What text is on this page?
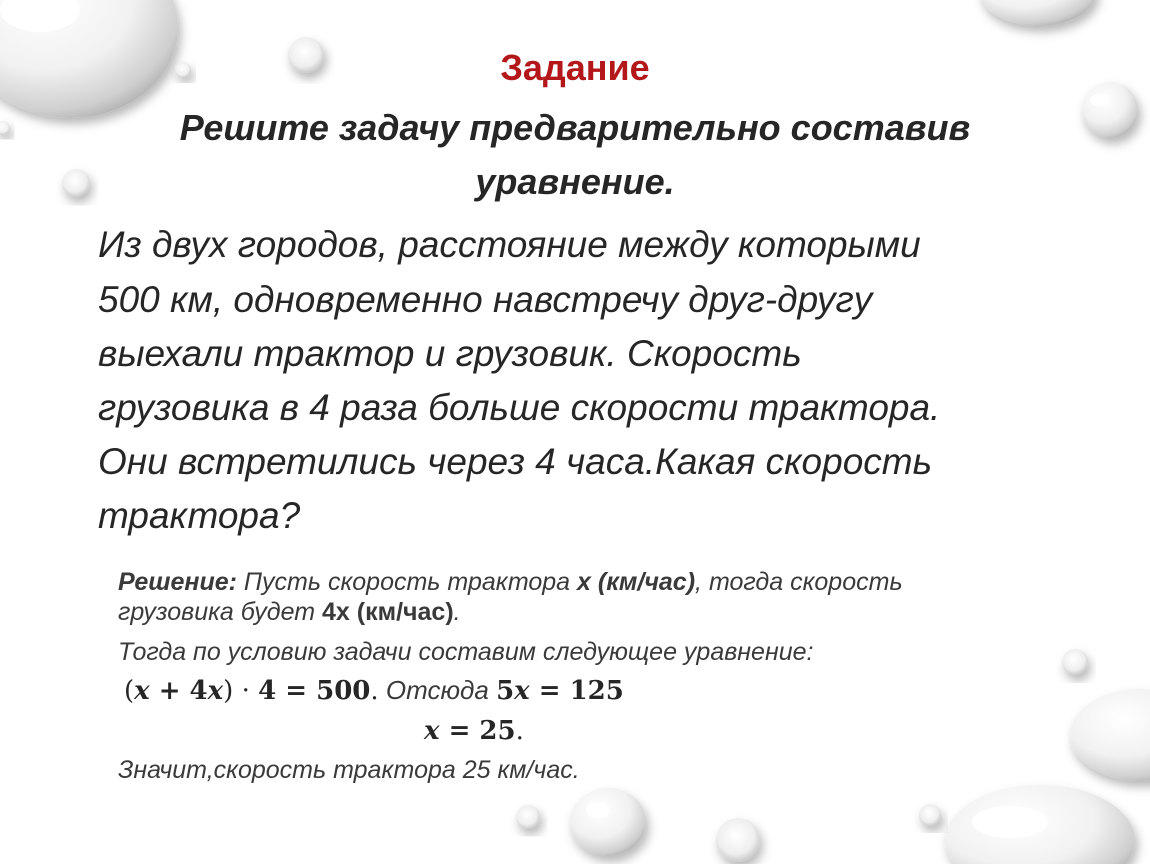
Задание
Решите задачу предварительно составив
уравнение.
Из двух городов, расстояние между которыми
500 км, одновременно навстречу друг-другу
выехали трактор и грузовик. Скорость
грузовика в 4 раза больше скорости трактора.
Они встретились через 4 часа.Какая скорость
трактора?
Решение: Пусть скорость трактора х (км/час), тогда скорость
грузовика будет 4х (км/час).
Тогда по условию задачи составим следующее уравнение:
(x + 4x) · 4 = 500. Отсюда 5x = 125
x = 25.
Значит,скорость трактора 25 км/час.
